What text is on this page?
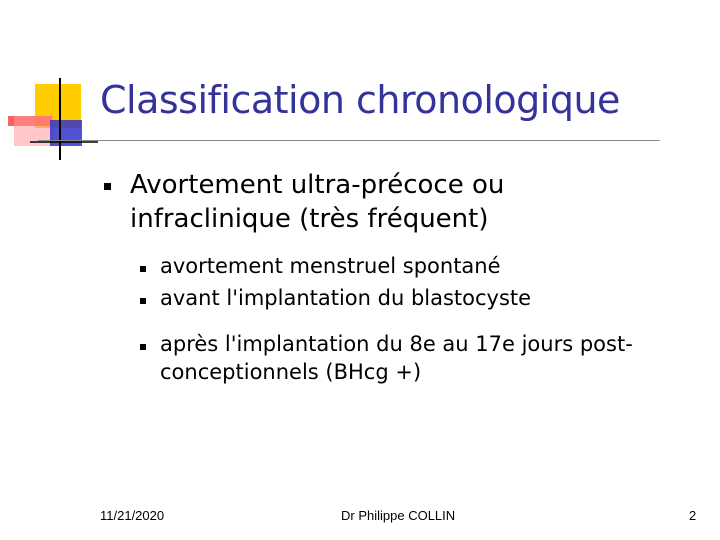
Classification chronologique
Avortement ultra-précoce ou infraclinique (très fréquent)
avortement menstruel spontané
avant l'implantation du blastocyste
après l'implantation du 8e au 17e jours post-conceptionnels (BHcg +)
11/21/2020	Dr Philippe COLLIN	2
